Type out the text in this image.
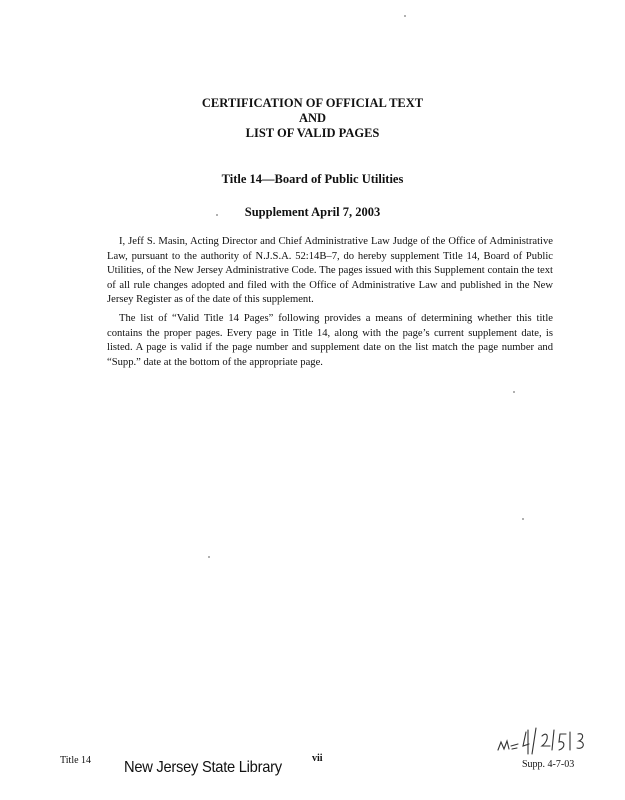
CERTIFICATION OF OFFICIAL TEXT
AND
LIST OF VALID PAGES
Title 14—Board of Public Utilities
Supplement April 7, 2003

I, Jeff S. Masin, Acting Director and Chief Administrative Law Judge of the Office of Administrative Law, pursuant to the authority of N.J.S.A. 52:14B–7, do hereby supplement Title 14, Board of Public Utilities, of the New Jersey Administrative Code. The pages issued with this Supplement contain the text of all rule changes adopted and filed with the Office of Administrative Law and published in the New Jersey Register as of the date of this supplement.

The list of “Valid Title 14 Pages” following provides a means of determining whether this title contains the proper pages. Every page in Title 14, along with the page’s current supplement date, is listed. A page is valid if the page number and supplement date on the list match the page number and “Supp.” date at the bottom of the appropriate page.

Title 14 New Jersey State Library
vii
Supp. 4-7-03
